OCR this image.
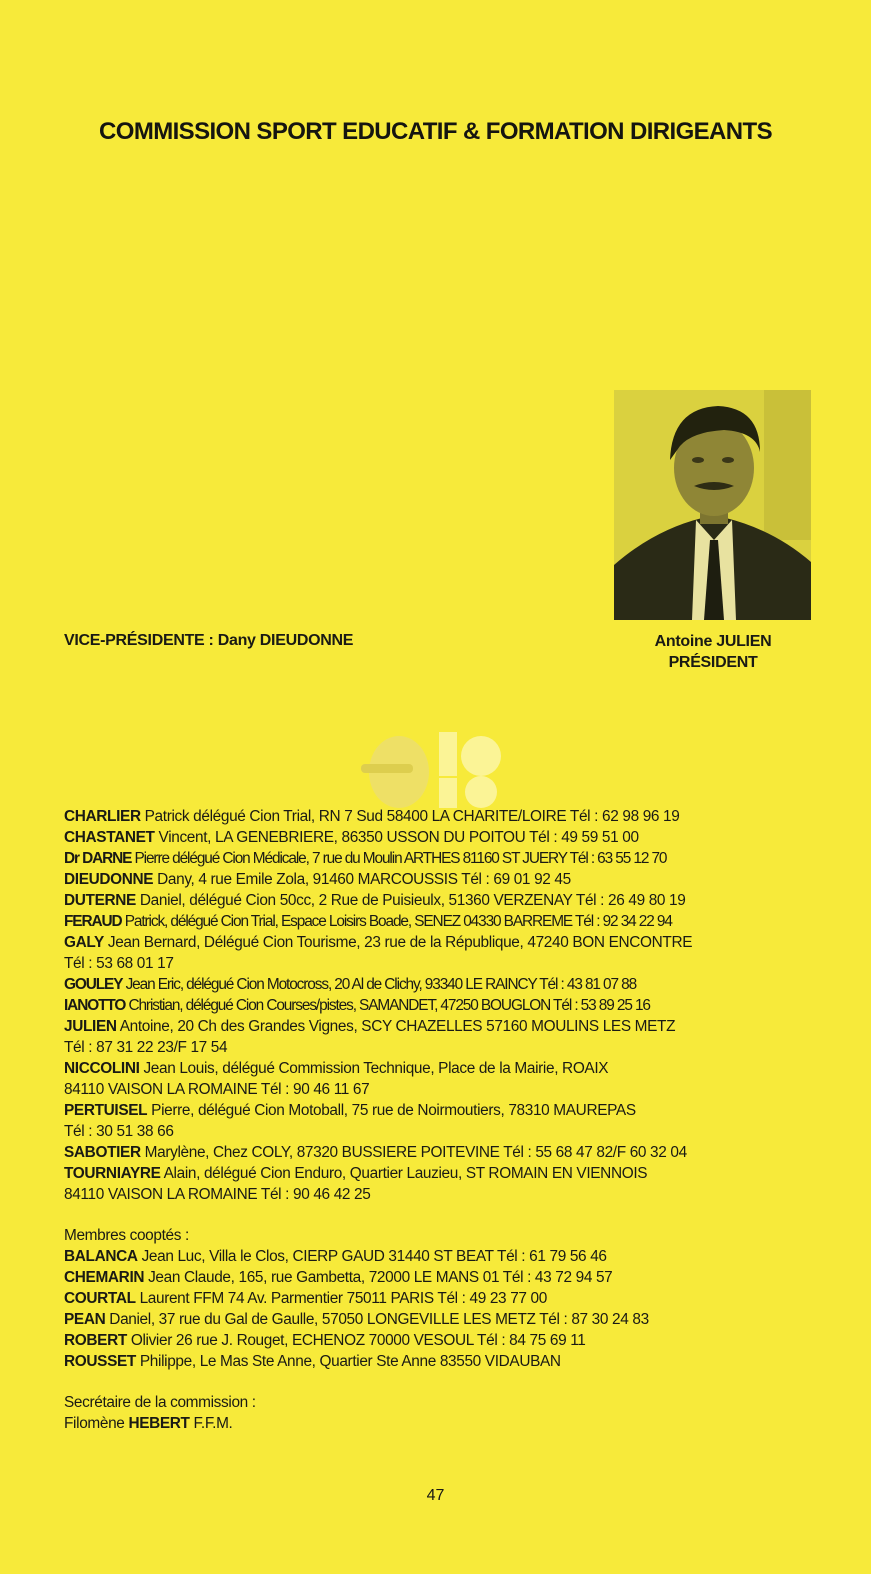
COMMISSION SPORT EDUCATIF & FORMATION DIRIGEANTS
VICE-PRÉSIDENTE : Dany DIEUDONNE	Antoine JULIEN
PRÉSIDENT
CHARLIER Patrick délégué Cion Trial, RN 7 Sud 58400 LA CHARITE/LOIRE Tél : 62 98 96 19
CHASTANET Vincent, LA GENEBRIERE, 86350 USSON DU POITOU Tél : 49 59 51 00
Dr DARNE Pierre délégué Cion Médicale, 7 rue du Moulin ARTHES 81160 ST JUERY Tél : 63 55 12 70
DIEUDONNE Dany, 4 rue Emile Zola, 91460 MARCOUSSIS Tél : 69 01 92 45
DUTERNE Daniel, délégué Cion 50cc, 2 Rue de Puisieulx, 51360 VERZENAY Tél : 26 49 80 19
FERAUD Patrick, délégué Cion Trial, Espace Loisirs Boade, SENEZ 04330 BARREME Tél : 92 34 22 94
GALY Jean Bernard, Délégué Cion Tourisme, 23 rue de la République, 47240 BON ENCONTRE
Tél : 53 68 01 17
GOULEY Jean Eric, délégué Cion Motocross, 20 Al de Clichy, 93340 LE RAINCY Tél : 43 81 07 88
IANOTTO Christian, délégué Cion Courses/pistes, SAMANDET, 47250 BOUGLON Tél : 53 89 25 16
JULIEN Antoine, 20 Ch des Grandes Vignes, SCY CHAZELLES 57160 MOULINS LES METZ
Tél : 87 31 22 23/F 17 54
NICCOLINI Jean Louis, délégué Commission Technique, Place de la Mairie, ROAIX
84110 VAISON LA ROMAINE Tél : 90 46 11 67
PERTUISEL Pierre, délégué Cion Motoball, 75 rue de Noirmoutiers, 78310 MAUREPAS
Tél : 30 51 38 66
SABOTIER Marylène, Chez COLY, 87320 BUSSIERE POITEVINE Tél : 55 68 47 82/F 60 32 04
TOURNIAYRE Alain, délégué Cion Enduro, Quartier Lauzieu, ST ROMAIN EN VIENNOIS
84110 VAISON LA ROMAINE Tél : 90 46 42 25
Membres cooptés :
BALANCA Jean Luc, Villa le Clos, CIERP GAUD 31440 ST BEAT Tél : 61 79 56 46
CHEMARIN Jean Claude, 165, rue Gambetta, 72000 LE MANS 01 Tél : 43 72 94 57
COURTAL Laurent FFM 74 Av. Parmentier 75011 PARIS Tél : 49 23 77 00
PEAN Daniel, 37 rue du Gal de Gaulle, 57050 LONGEVILLE LES METZ Tél : 87 30 24 83
ROBERT Olivier 26 rue J. Rouget, ECHENOZ 70000 VESOUL Tél : 84 75 69 11
ROUSSET Philippe, Le Mas Ste Anne, Quartier Ste Anne 83550 VIDAUBAN
Secrétaire de la commission :
Filomène HEBERT F.F.M.
47
